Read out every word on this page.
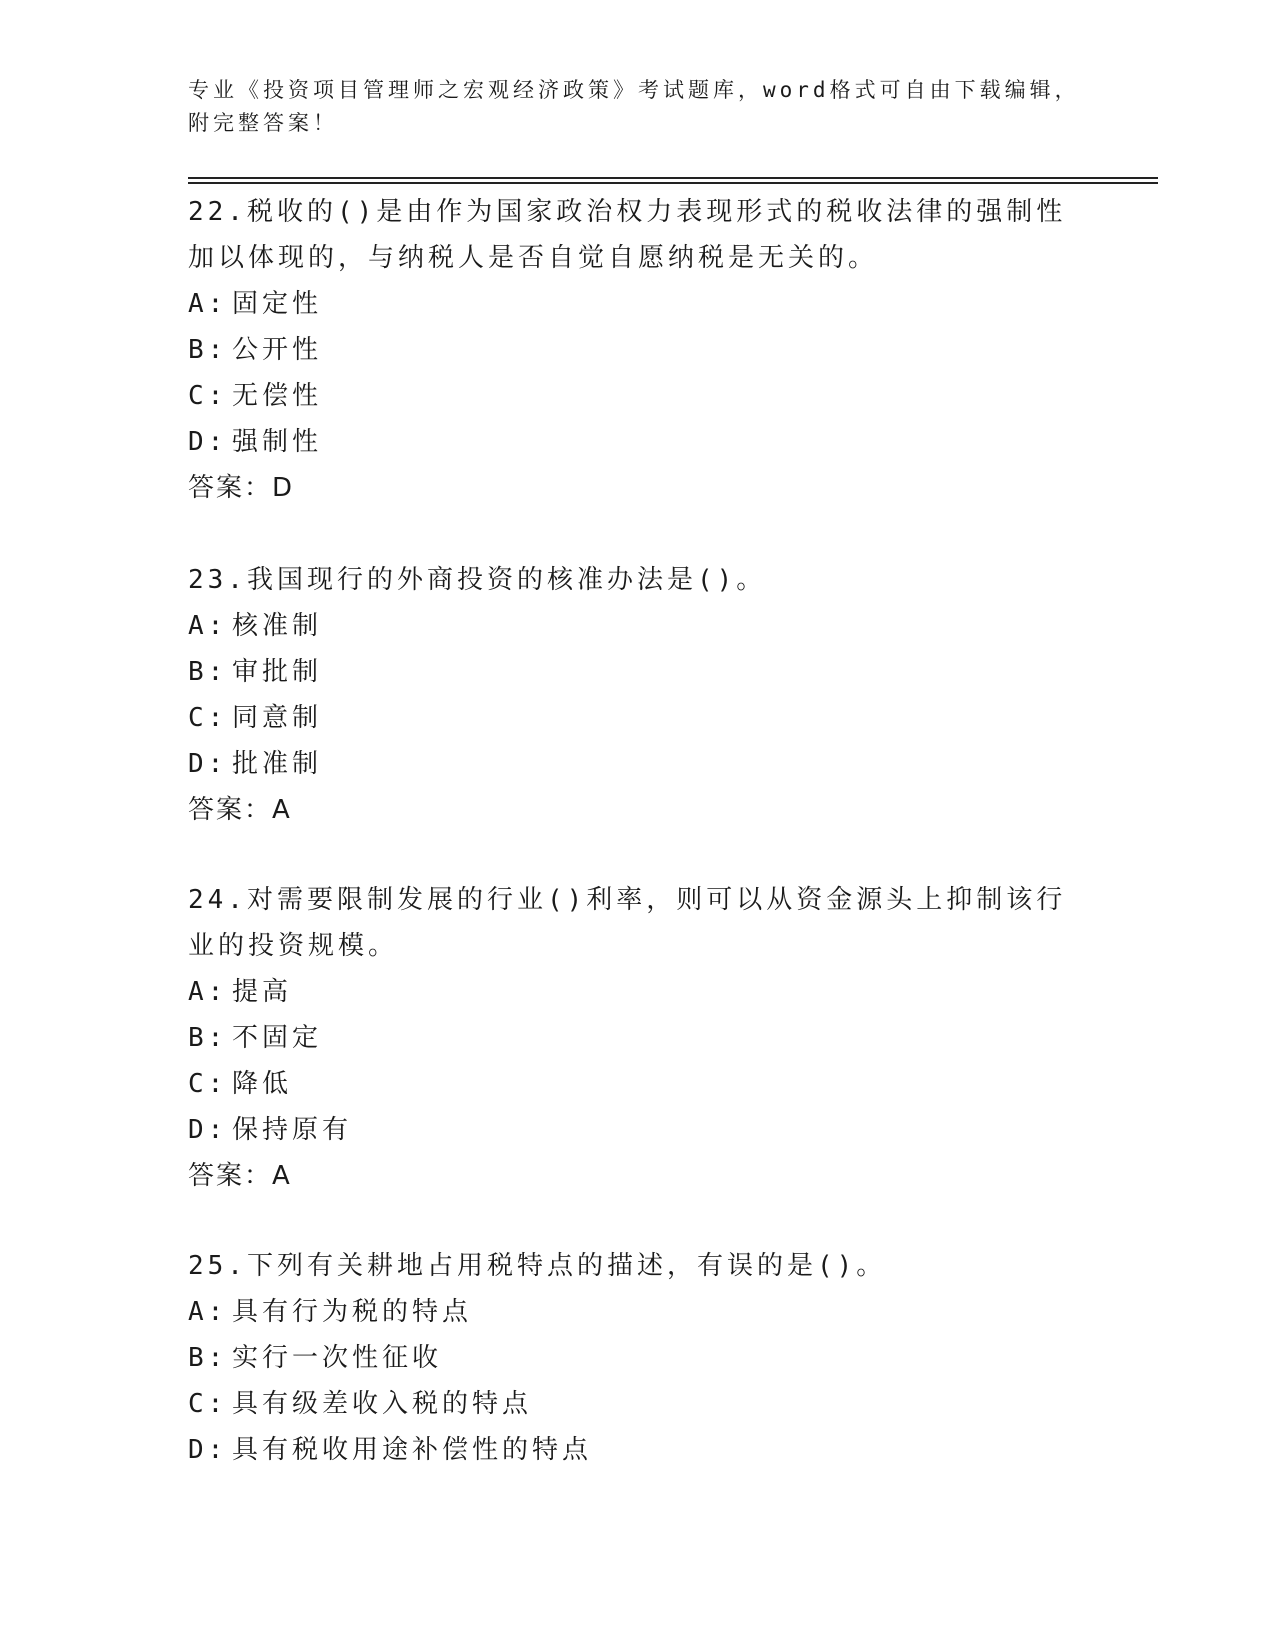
专业《投资项目管理师之宏观经济政策》考试题库，word格式可自由下载编辑，附完整答案！
22.税收的()是由作为国家政治权力表现形式的税收法律的强制性加以体现的，与纳税人是否自觉自愿纳税是无关的。
A: 固定性
B: 公开性
C: 无偿性
D: 强制性
答案：D
23.我国现行的外商投资的核准办法是()。
A: 核准制
B: 审批制
C: 同意制
D: 批准制
答案：A
24.对需要限制发展的行业()利率，则可以从资金源头上抑制该行业的投资规模。
A: 提高
B: 不固定
C: 降低
D: 保持原有
答案：A
25.下列有关耕地占用税特点的描述，有误的是()。
A: 具有行为税的特点
B: 实行一次性征收
C: 具有级差收入税的特点
D: 具有税收用途补偿性的特点
